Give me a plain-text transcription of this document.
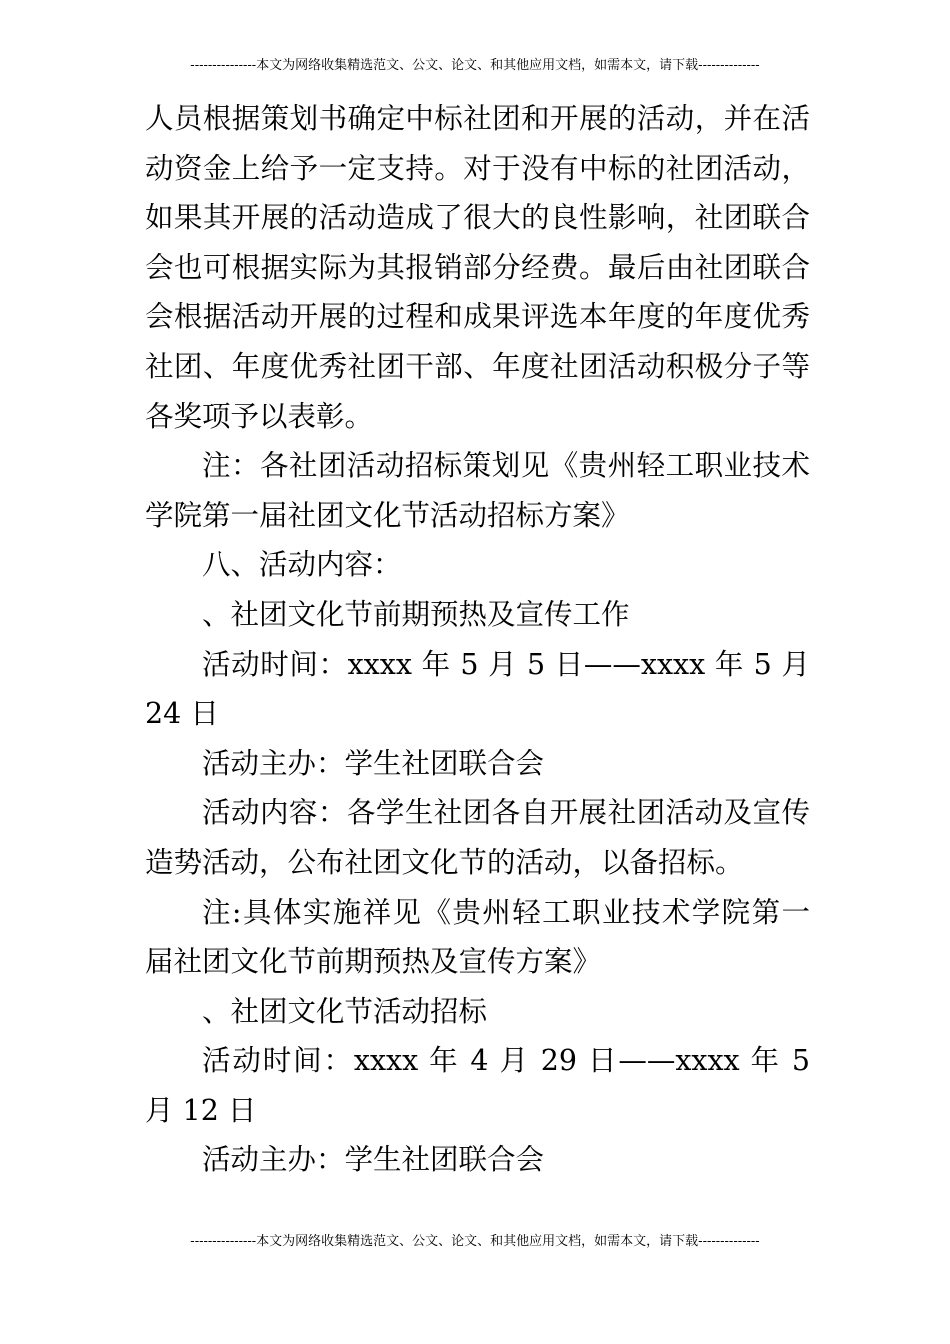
---------------本文为网络收集精选范文、公文、论文、和其他应用文档，如需本文，请下载--------------

人员根据策划书确定中标社团和开展的活动，并在活动资金上给予一定支持。对于没有中标的社团活动，如果其开展的活动造成了很大的良性影响，社团联合会也可根据实际为其报销部分经费。最后由社团联合会根据活动开展的过程和成果评选本年度的年度优秀社团、年度优秀社团干部、年度社团活动积极分子等各奖项予以表彰。

注：各社团活动招标策划见《贵州轻工职业技术学院第一届社团文化节活动招标方案》

八、活动内容：

、社团文化节前期预热及宣传工作

活动时间：xxxx 年 5 月 5 日——xxxx 年 5 月 24 日

活动主办：学生社团联合会

活动内容：各学生社团各自开展社团活动及宣传造势活动，公布社团文化节的活动，以备招标。

注:具体实施祥见《贵州轻工职业技术学院第一届社团文化节前期预热及宣传方案》

、社团文化节活动招标

活动时间：xxxx 年 4 月 29 日——xxxx 年 5 月 12 日

活动主办：学生社团联合会

---------------本文为网络收集精选范文、公文、论文、和其他应用文档，如需本文，请下载--------------
